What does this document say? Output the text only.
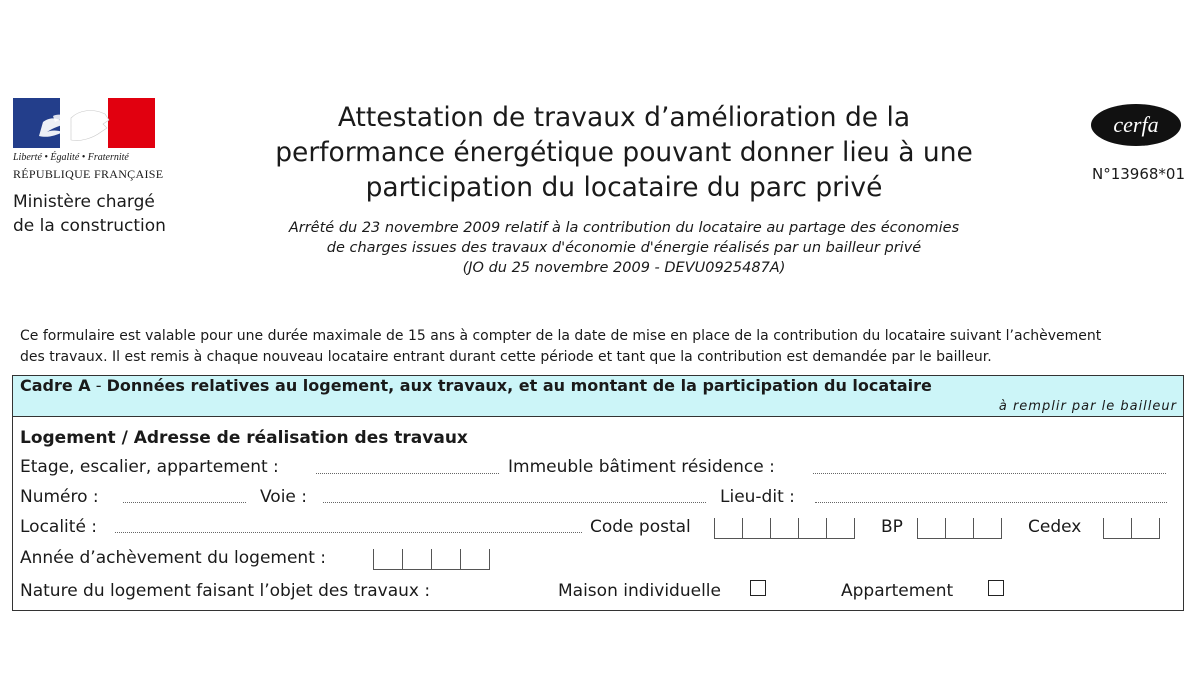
Liberté • Égalité • Fraternité
RÉPUBLIQUE FRANÇAISE
Ministère chargé
de la construction
Attestation de travaux d’amélioration de la
performance énergétique pouvant donner lieu à une
participation du locataire du parc privé
Arrêté du 23 novembre 2009 relatif à la contribution du locataire au partage des économies
de charges issues des travaux d'économie d'énergie réalisés par un bailleur privé
(JO du 25 novembre 2009 - DEVU0925487A)
cerfa
N°13968*01
Ce formulaire est valable pour une durée maximale de 15 ans à compter de la date de mise en place de la contribution du locataire suivant l’achèvement
des travaux. Il est remis à chaque nouveau locataire entrant durant cette période et tant que la contribution est demandée par le bailleur.
Cadre A - Données relatives au logement, aux travaux, et au montant de la participation du locataire
à remplir par le bailleur
Logement / Adresse de réalisation des travaux
Etage, escalier, appartement :	Immeuble bâtiment résidence :
Numéro :	Voie :	Lieu-dit :
Localité :	Code postal	BP	Cedex
Année d’achèvement du logement :
Nature du logement faisant l’objet des travaux :	Maison individuelle	Appartement
